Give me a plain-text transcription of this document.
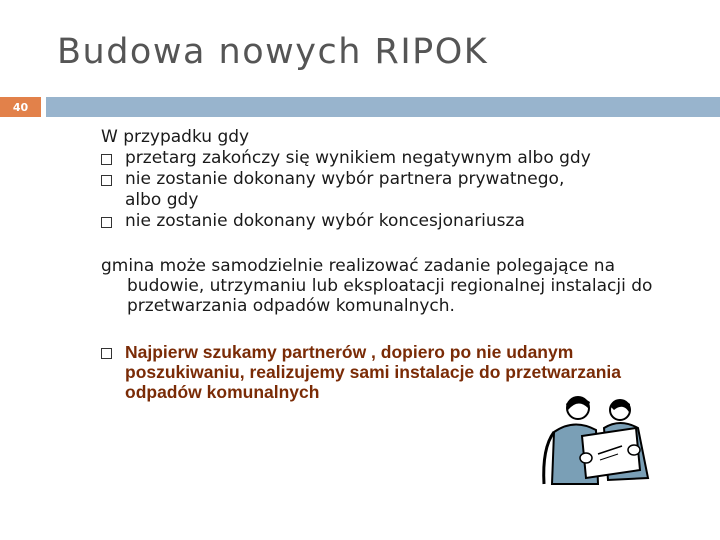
Budowa nowych RIPOK
40

W przypadku gdy

przetarg zakończy się wynikiem negatywnym albo gdy
nie zostanie dokonany wybór partnera prywatnego, albo gdy
nie zostanie dokonany wybór koncesjonariusza

gmina może samodzielnie realizować zadanie polegające na budowie, utrzymaniu lub eksploatacji regionalnej instalacji do przetwarzania odpadów komunalnych.

Najpierw szukamy partnerów , dopiero po nie udanym poszukiwaniu, realizujemy sami instalacje do przetwarzania odpadów komunalnych
